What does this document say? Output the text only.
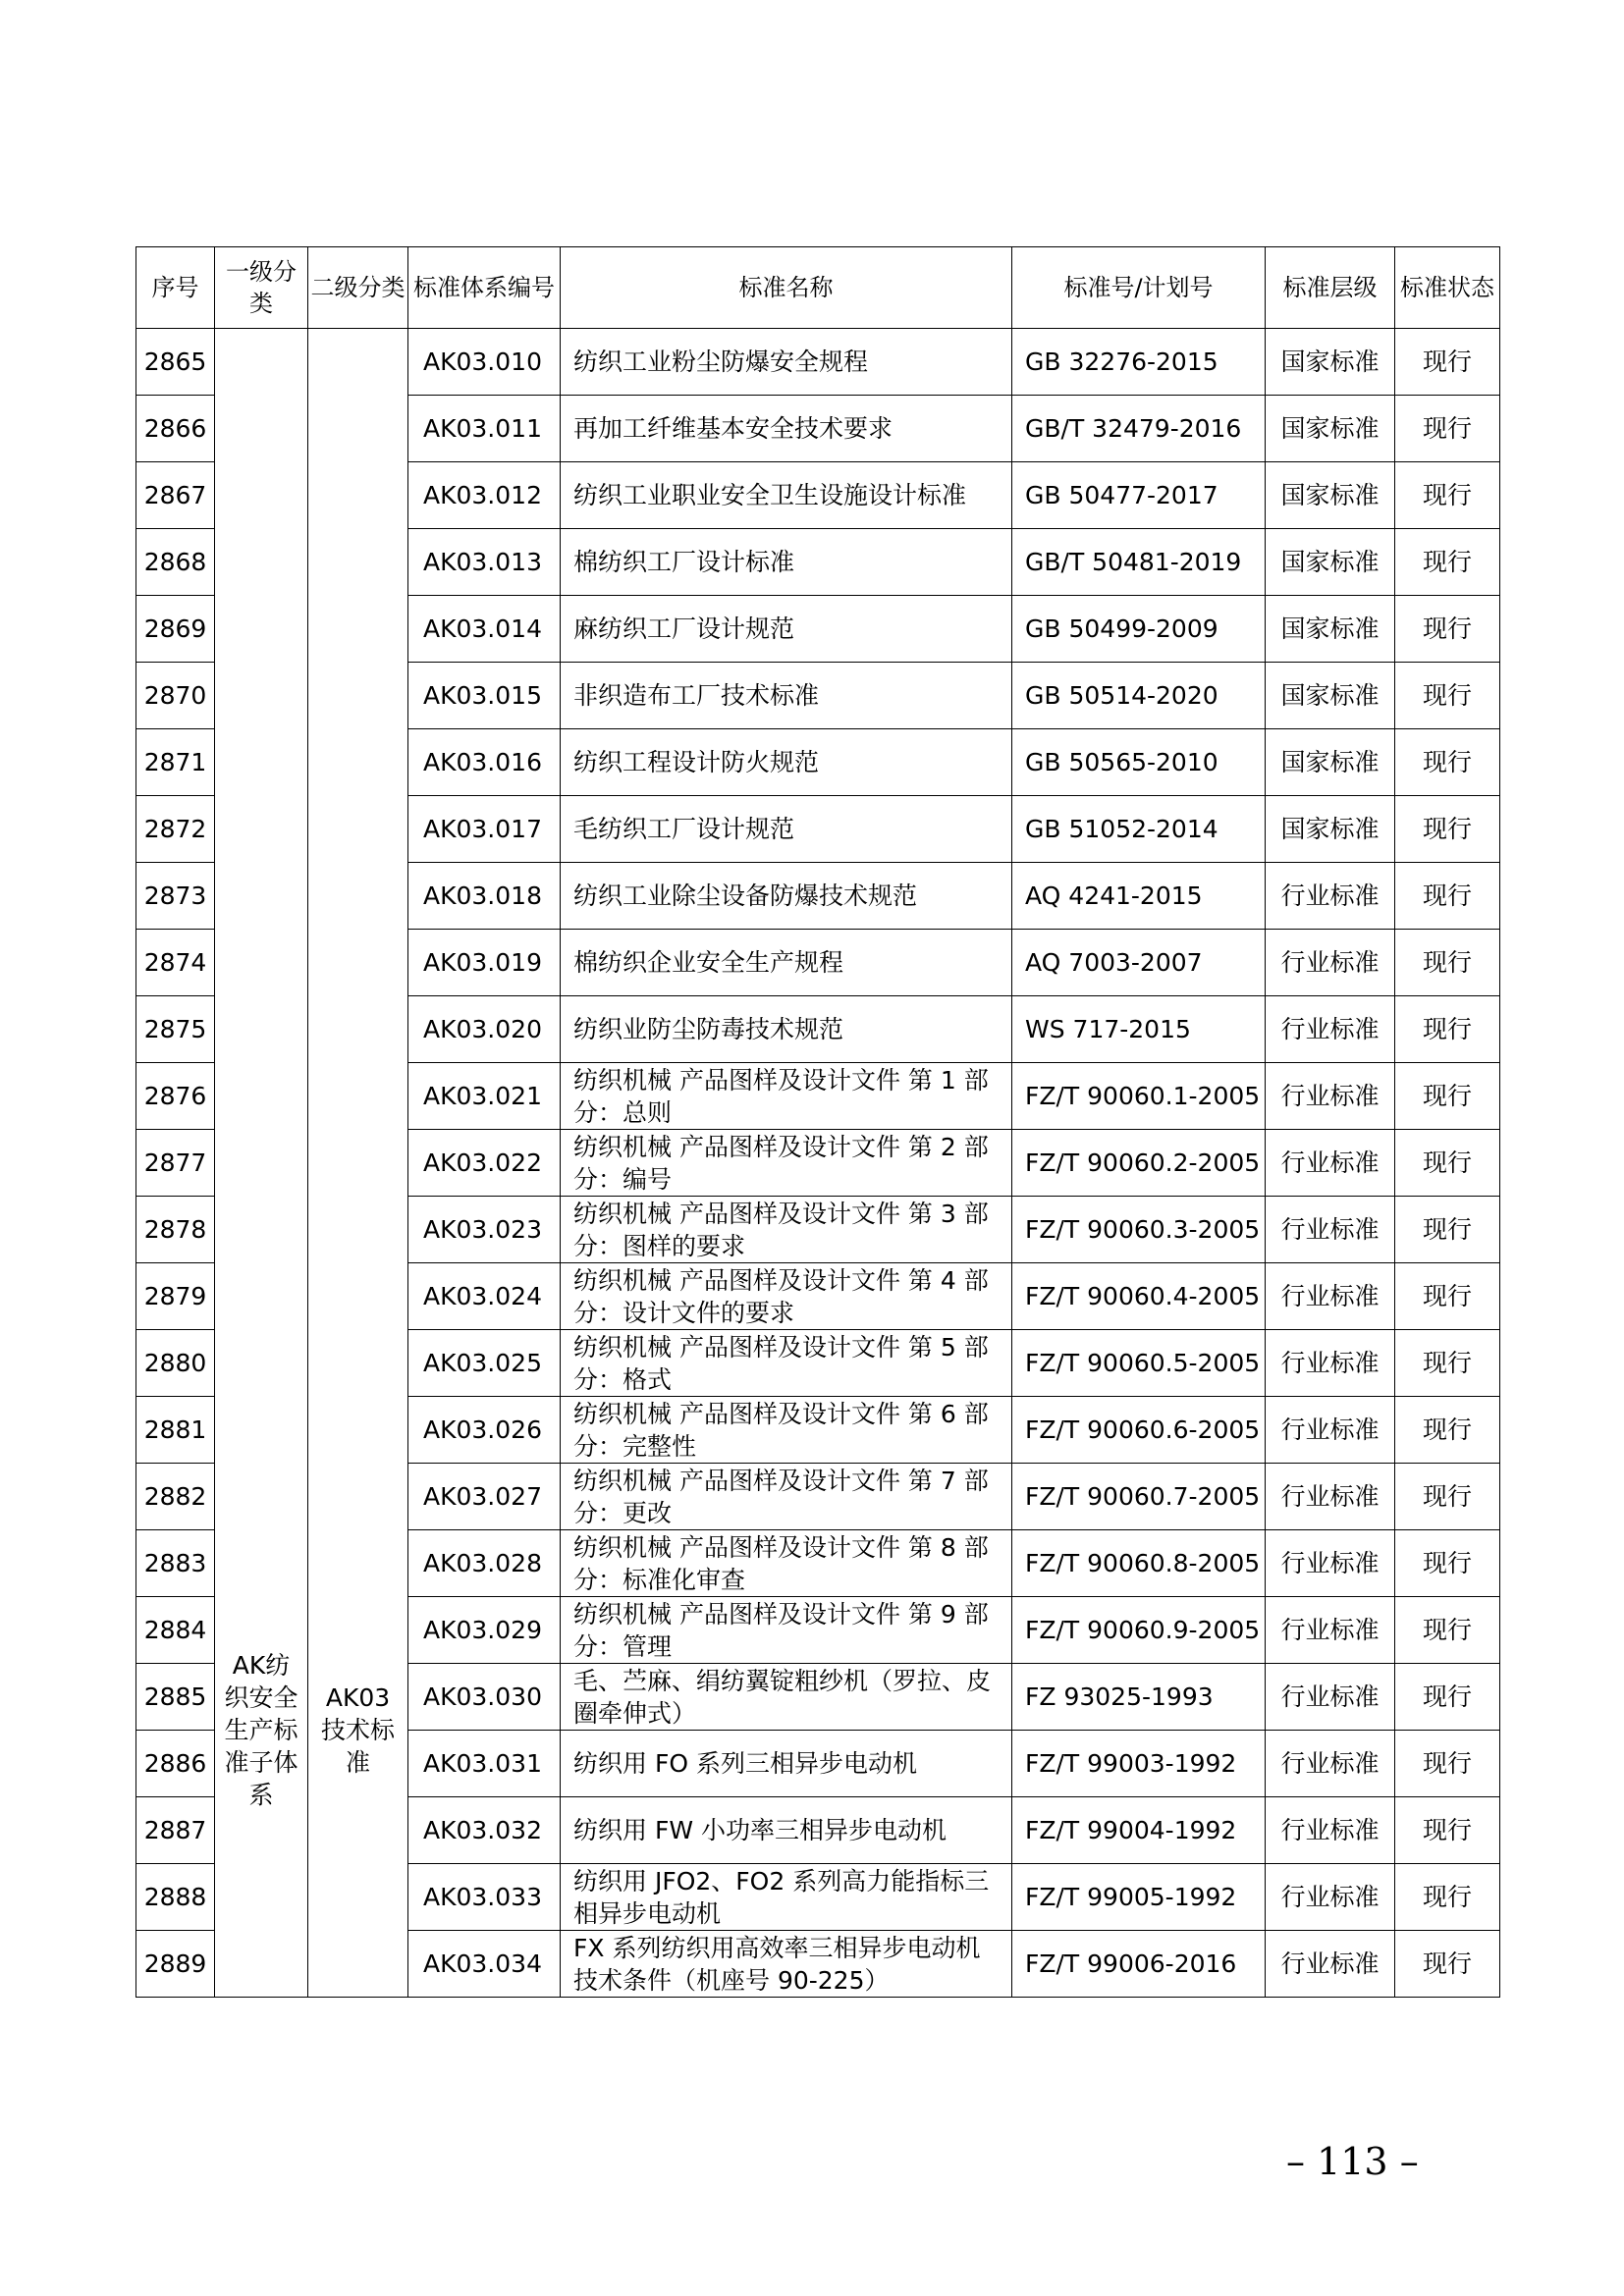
序号	一级分类	二级分类	标准体系编号	标准名称	标准号/计划号	标准层级	标准状态
2865			AK03.010	纺织工业粉尘防爆安全规程	GB 32276-2015	国家标准	现行
2866			AK03.011	再加工纤维基本安全技术要求	GB/T 32479-2016	国家标准	现行
2867			AK03.012	纺织工业职业安全卫生设施设计标准	GB 50477-2017	国家标准	现行
2868			AK03.013	棉纺织工厂设计标准	GB/T 50481-2019	国家标准	现行
2869			AK03.014	麻纺织工厂设计规范	GB 50499-2009	国家标准	现行
2870			AK03.015	非织造布工厂技术标准	GB 50514-2020	国家标准	现行
2871			AK03.016	纺织工程设计防火规范	GB 50565-2010	国家标准	现行
2872			AK03.017	毛纺织工厂设计规范	GB 51052-2014	国家标准	现行
2873			AK03.018	纺织工业除尘设备防爆技术规范	AQ 4241-2015	行业标准	现行
2874			AK03.019	棉纺织企业安全生产规程	AQ 7003-2007	行业标准	现行
2875			AK03.020	纺织业防尘防毒技术规范	WS 717-2015	行业标准	现行
2876			AK03.021	纺织机械 产品图样及设计文件 第 1 部分：总则	FZ/T 90060.1-2005	行业标准	现行
2877			AK03.022	纺织机械 产品图样及设计文件 第 2 部分：编号	FZ/T 90060.2-2005	行业标准	现行
2878			AK03.023	纺织机械 产品图样及设计文件 第 3 部分：图样的要求	FZ/T 90060.3-2005	行业标准	现行
2879			AK03.024	纺织机械 产品图样及设计文件 第 4 部分：设计文件的要求	FZ/T 90060.4-2005	行业标准	现行
2880			AK03.025	纺织机械 产品图样及设计文件 第 5 部分：格式	FZ/T 90060.5-2005	行业标准	现行
2881			AK03.026	纺织机械 产品图样及设计文件 第 6 部分：完整性	FZ/T 90060.6-2005	行业标准	现行
2882	AK纺织安全生产标准子体系	AK03技术标准	AK03.027	纺织机械 产品图样及设计文件 第 7 部分：更改	FZ/T 90060.7-2005	行业标准	现行
2883			AK03.028	纺织机械 产品图样及设计文件 第 8 部分：标准化审查	FZ/T 90060.8-2005	行业标准	现行
2884			AK03.029	纺织机械 产品图样及设计文件 第 9 部分：管理	FZ/T 90060.9-2005	行业标准	现行
2885			AK03.030	毛、苎麻、绢纺翼锭粗纱机（罗拉、皮圈牵伸式）	FZ 93025-1993	行业标准	现行
2886			AK03.031	纺织用 FO 系列三相异步电动机	FZ/T 99003-1992	行业标准	现行
2887			AK03.032	纺织用 FW 小功率三相异步电动机	FZ/T 99004-1992	行业标准	现行
2888			AK03.033	纺织用 JFO2、FO2 系列高力能指标三相异步电动机	FZ/T 99005-1992	行业标准	现行
2889			AK03.034	FX 系列纺织用高效率三相异步电动机技术条件（机座号 90-225）	FZ/T 99006-2016	行业标准	现行
– 113 –
